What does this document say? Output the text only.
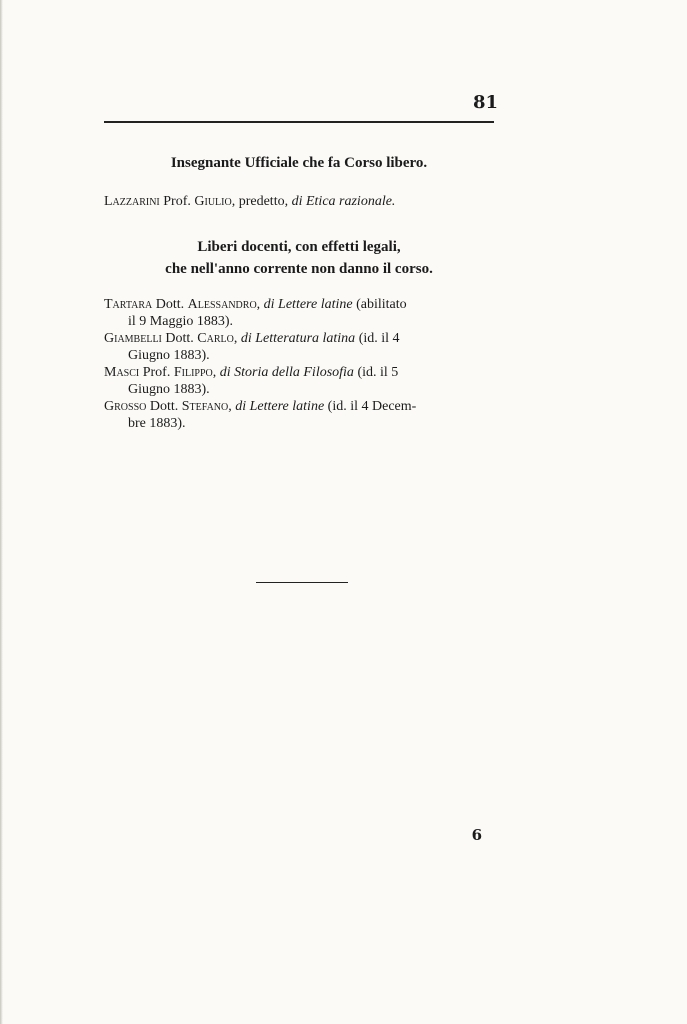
81
Insegnante Ufficiale che fa Corso libero.
Lazzarini Prof. Giulio, predetto, di Etica razionale.
Liberi docenti, con effetti legali,
che nell'anno corrente non danno il corso.
Tartara Dott. Alessandro, di Lettere latine (abilitato
il 9 Maggio 1883).
Giambelli Dott. Carlo, di Letteratura latina (id. il 4
Giugno 1883).
Masci Prof. Filippo, di Storia della Filosofia (id. il 5
Giugno 1883).
Grosso Dott. Stefano, di Lettere latine (id. il 4 Decem-
bre 1883).
6
